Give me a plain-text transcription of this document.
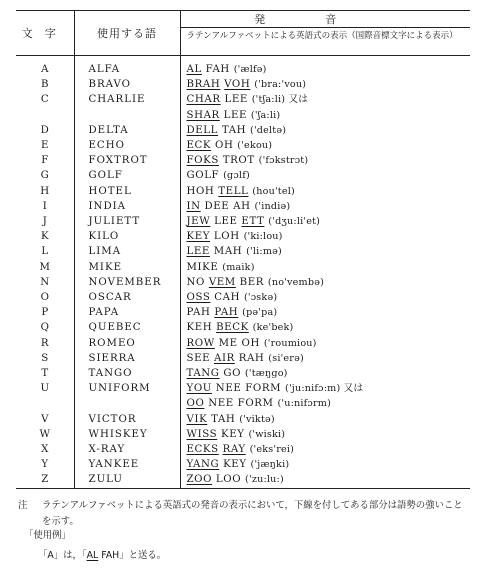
文字	使用する語	発音
		ラテンアルファベットによる英語式の表示（国際音標文字による表示）
A	ALFA	AL FAH ('ælfə)
B	BRAVO	BRAH VOH ('bra:'vou)
C	CHARLIE	CHAR LEE ('tʃa:li) 又は
		SHAR LEE ('ʃa:li)
D	DELTA	DELL TAH ('deltə)
E	ECHO	ECK OH ('ekou)
F	FOXTROT	FOKS TROT ('fɔkstrɔt)
G	GOLF	GOLF (gɔlf)
H	HOTEL	HOH TELL (hou'tel)
I	INDIA	IN DEE AH ('indiə)
J	JULIETT	JEW LEE ETT ('dʒu:li'et)
K	KILO	KEY LOH ('ki:lou)
L	LIMA	LEE MAH ('li:mə)
M	MIKE	MIKE (maik)
N	NOVEMBER	NO VEM BER (no'vembə)
O	OSCAR	OSS CAH ('ɔskə)
P	PAPA	PAH PAH (pə'pa)
Q	QUEBEC	KEH BECK (ke'bek)
R	ROMEO	ROW ME OH ('roumiou)
S	SIERRA	SEE AIR RAH (si'erə)
T	TANGO	TANG GO ('tæŋgo)
U	UNIFORM	YOU NEE FORM ('ju:nifɔ:m) 又は
		OO NEE FORM ('u:nifɔrm)
V	VICTOR	VIK TAH ('viktə)
W	WHISKEY	WISS KEY ('wiski)
X	X-RAY	ECKS RAY ('eks'rei)
Y	YANKEE	YANG KEY ('jæŋki)
Z	ZULU	ZOO LOO ('zu:lu:)
注 ラテンアルファベットによる英語式の発音の表示において，下線を付してある部分は語勢の強いことを示す。
「使用例」
「A」は，「AL FAH」と送る。
